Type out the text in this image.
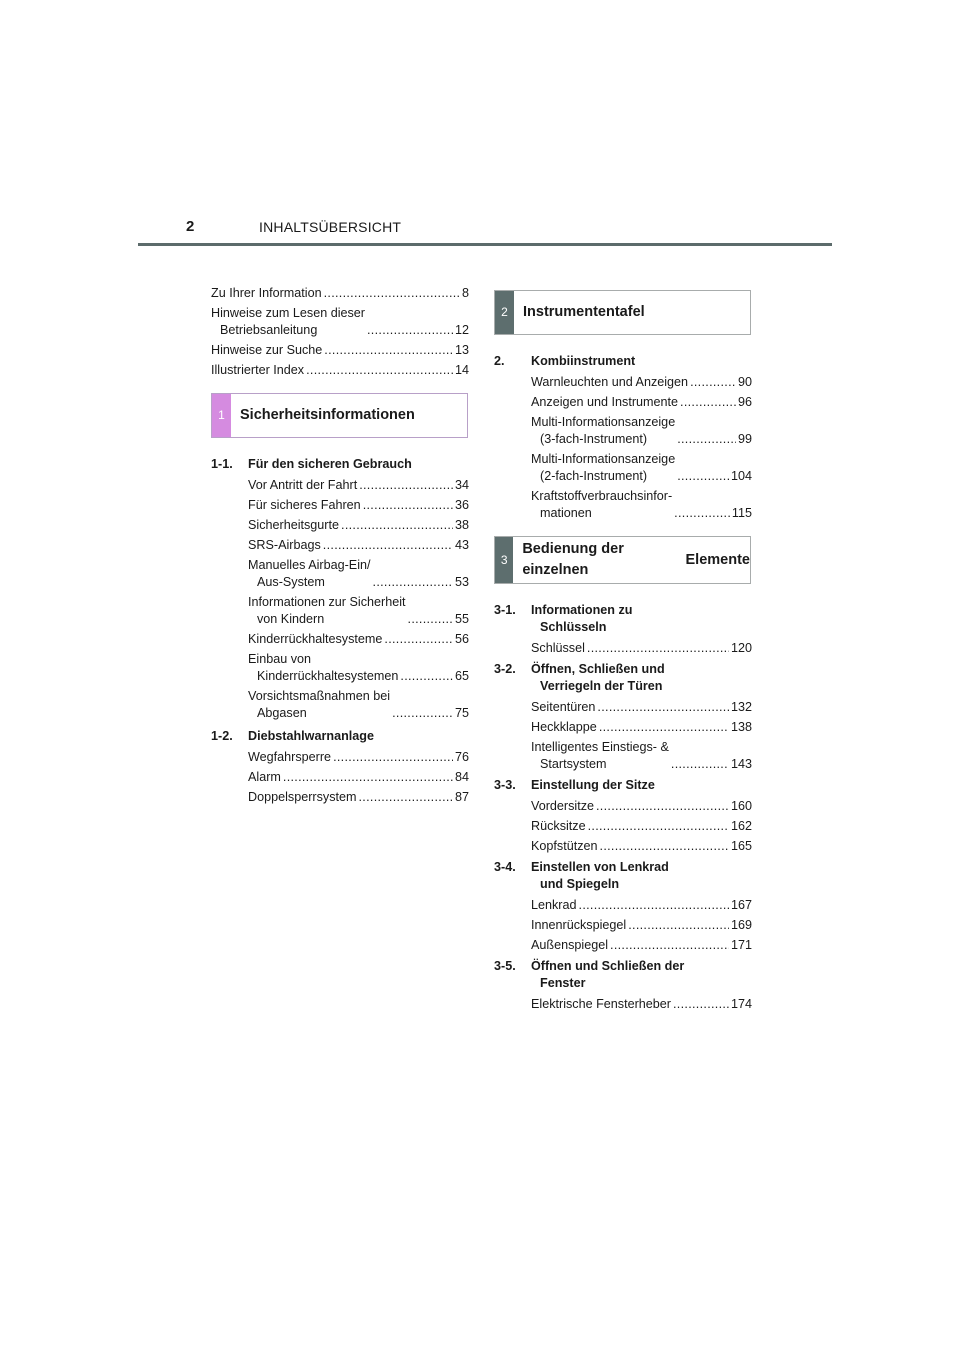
2	INHALTSÜBERSICHT
Zu Ihrer Information .....	8
Hinweise zum Lesen dieser
Betriebsanleitung .....	12
Hinweise zur Suche .....	13
Illustrierter Index .....	14
1	Sicherheitsinformationen
1-1.	Für den sicheren Gebrauch
Vor Antritt der Fahrt .....	34
Für sicheres Fahren .....	36
Sicherheitsgurte .....	38
SRS-Airbags .....	43
Manuelles Airbag-Ein/
Aus-System .....	53
Informationen zur Sicherheit
von Kindern .....	55
Kinderrückhaltesysteme .....	56
Einbau von
Kinderrückhaltesystemen .....	65
Vorsichtsmaßnahmen bei
Abgasen .....	75
1-2.	Diebstahlwarnanlage
Wegfahrsperre .....	76
Alarm .....	84
Doppelsperrsystem .....	87
2	Instrumententafel
2.	Kombiinstrument
Warnleuchten und Anzeigen .....	90
Anzeigen und Instrumente .....	96
Multi-Informationsanzeige
(3-fach-Instrument) .....	99
Multi-Informationsanzeige
(2-fach-Instrument) .....	104
Kraftstoffverbrauchsinfor-
mationen .....	115
3
Bedienung der einzelnen

Elemente
3-1.	Informationen zu
Schlüsseln
Schlüssel .....	120
3-2.	Öffnen, Schließen und
Verriegeln der Türen
Seitentüren .....	132
Heckklappe .....	138
Intelligentes Einstiegs- &
Startsystem .....	143
3-3.	Einstellung der Sitze
Vordersitze .....	160
Rücksitze .....	162
Kopfstützen .....	165
3-4.	Einstellen von Lenkrad
und Spiegeln
Lenkrad .....	167
Innenrückspiegel .....	169
Außenspiegel .....	171
3-5.	Öffnen und Schließen der
Fenster
Elektrische Fensterheber .....	174
